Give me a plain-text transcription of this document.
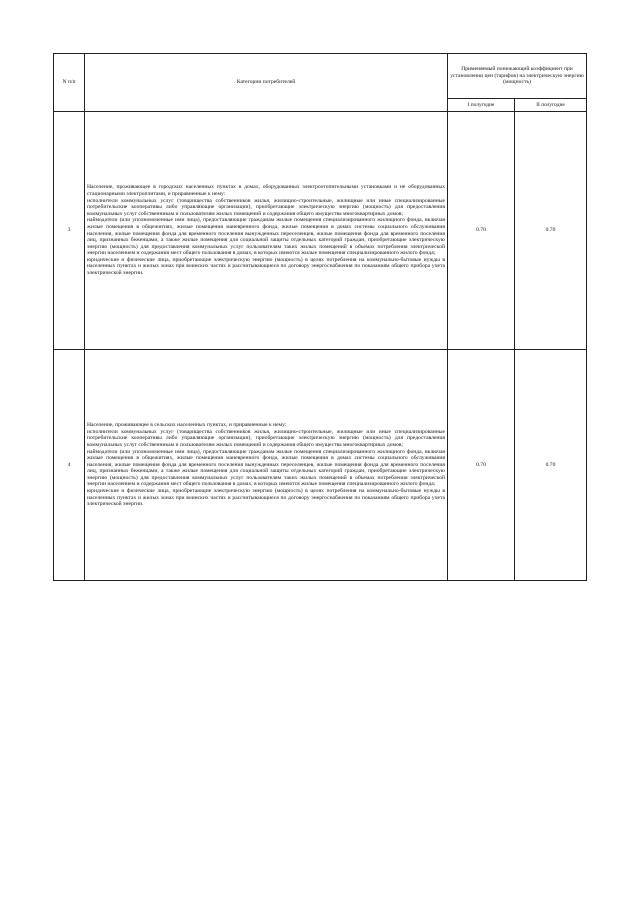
N п/п	Категории потребителей	Применяемый понижающий коэффициент при установлении цен (тарифов) на электрическую энергию (мощность)	
		I полугодие	II полугодие
3	Население, проживающее в городских населенных пунктах в домах, оборудованных электроотопительными установками и не оборудованных стационарными электроплитами, и приравненные к нему:

исполнители коммунальных услуг (товарищества собственников жилья, жилищно-строительные, жилищные или иные специализированные потребительские кооперативы либо управляющие организации), приобретающие электрическую энергию (мощность) для предоставления коммунальных услуг собственникам и пользователям жилых помещений и содержания общего имущества многоквартирных домов;

наймодатели (или уполномоченные ими лица), предоставляющие гражданам жилые помещения специализированного жилищного фонда, включая жилые помещения в общежитиях, жилые помещения маневренного фонда, жилые помещения в домах системы социального обслуживания населения, жилые помещения фонда для временного поселения вынужденных переселенцев, жилые помещения фонда для временного поселения лиц, признанных беженцами, а также жилые помещения для социальной защиты отдельных категорий граждан, приобретающие электрическую энергию (мощность) для предоставления коммунальных услуг пользователям таких жилых помещений в объемах потребления электрической энергии населением и содержания мест общего пользования в домах, в которых имеются жилые помещения специализированного жилого фонда;

юридические и физические лица, приобретающие электрическую энергию (мощность) в целях потребления на коммунально-бытовые нужды в населенных пунктах и жилых зонах при воинских частях и рассчитывающиеся по договору энергоснабжения по показаниям общего прибора учета электрической энергии.	0.70	0.70
4	Население, проживающее в сельских населенных пунктах, и приравненные к нему:

исполнители коммунальных услуг (товарищества собственников жилья, жилищно-строительные, жилищные или иные специализированные потребительские кооперативы либо управляющие организации), приобретающие электрическую энергию (мощность) для предоставления коммунальных услуг собственникам и пользователям жилых помещений и содержания общего имущества многоквартирных домов;

наймодатели (или уполномоченные ими лица), предоставляющие гражданам жилые помещения специализированного жилищного фонда, включая жилые помещения в общежитиях, жилые помещения маневренного фонда, жилые помещения в домах системы социального обслуживания населения, жилые помещения фонда для временного поселения вынужденных переселенцев, жилые помещения фонда для временного поселения лиц, признанных беженцами, а также жилые помещения для социальной защиты отдельных категорий граждан, приобретающие электрическую энергию (мощность) для предоставления коммунальных услуг пользователям таких жилых помещений в объемах потребления электрической энергии населением и содержания мест общего пользования в домах, в которых имеются жилые помещения специализированного жилого фонда;

юридические и физические лица, приобретающие электрическую энергию (мощность) в целях потребления на коммунально-бытовые нужды в населенных пунктах и жилых зонах при воинских частях и рассчитывающиеся по договору энергоснабжения по показаниям общего прибора учета электрической энергии.	0.70	0.70
